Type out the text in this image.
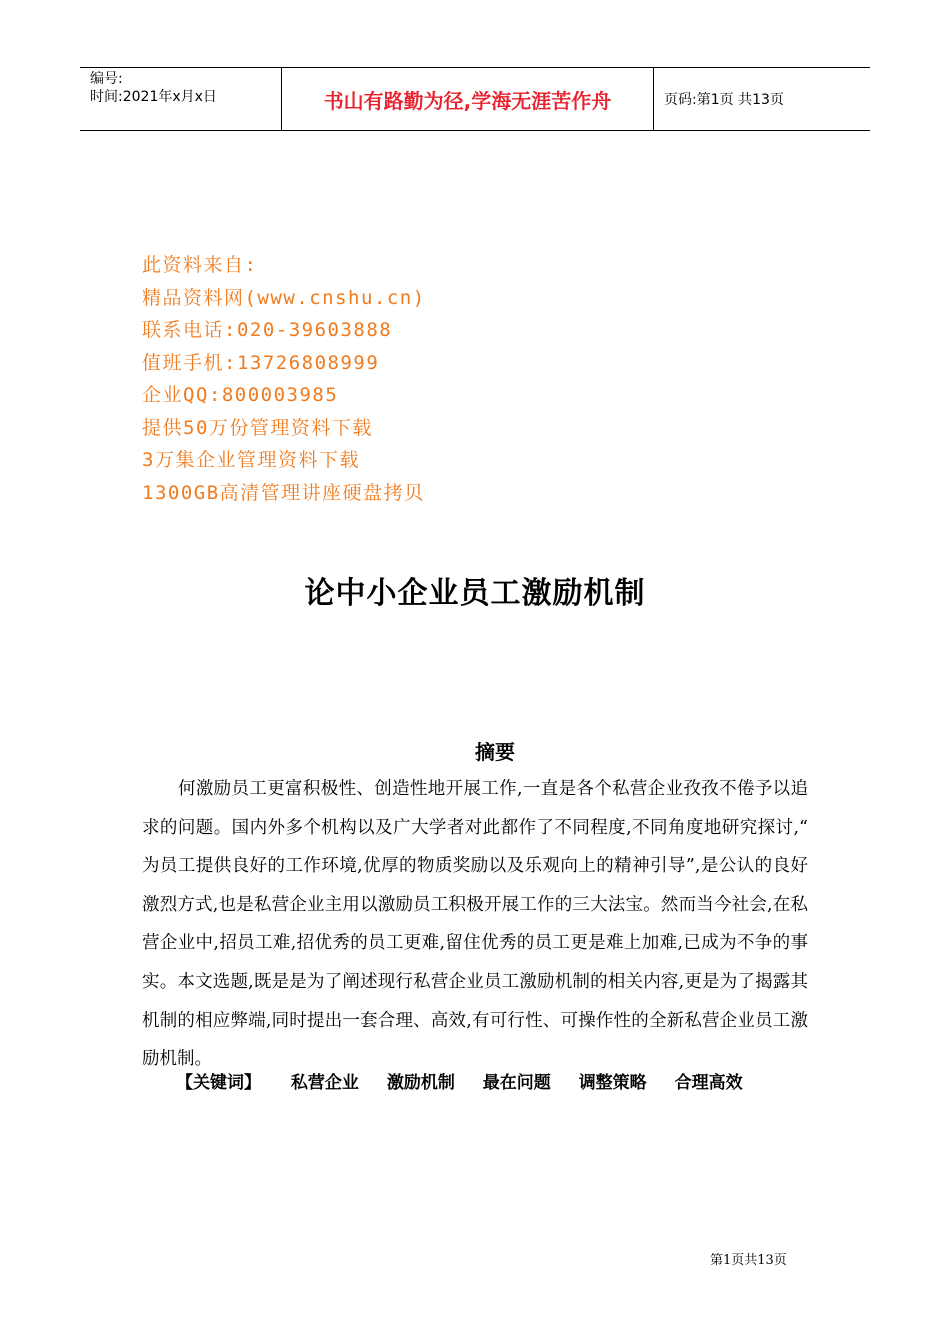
编号:
时间:2021年x月x日	书山有路勤为径,学海无涯苦作舟	页码:第1页 共13页
此资料来自:
精品资料网(www.cnshu.cn)
联系电话:020-39603888
值班手机:13726808999
企业QQ:800003985
提供50万份管理资料下载
3万集企业管理资料下载
1300GB高清管理讲座硬盘拷贝
论中小企业员工激励机制
摘要

何激励员工更富积极性、创造性地开展工作,一直是各个私营企业孜孜不倦予以追求的问题。国内外多个机构以及广大学者对此都作了不同程度,不同角度地研究探讨,“ 为员工提供良好的工作环境,优厚的物质奖励以及乐观向上的精神引导”,是公认的良好激烈方式,也是私营企业主用以激励员工积极开展工作的三大法宝。然而当今社会,在私营企业中,招员工难,招优秀的员工更难,留住优秀的员工更是难上加难,已成为不争的事实。本文选题,既是是为了阐述现行私营企业员工激励机制的相关内容,更是为了揭露其机制的相应弊端,同时提出一套合理、高效,有可行性、可操作性的全新私营企业员工激励机制。

【关键词】 私营企业 激励机制 最在问题 调整策略 合理高效
第1页共13页
